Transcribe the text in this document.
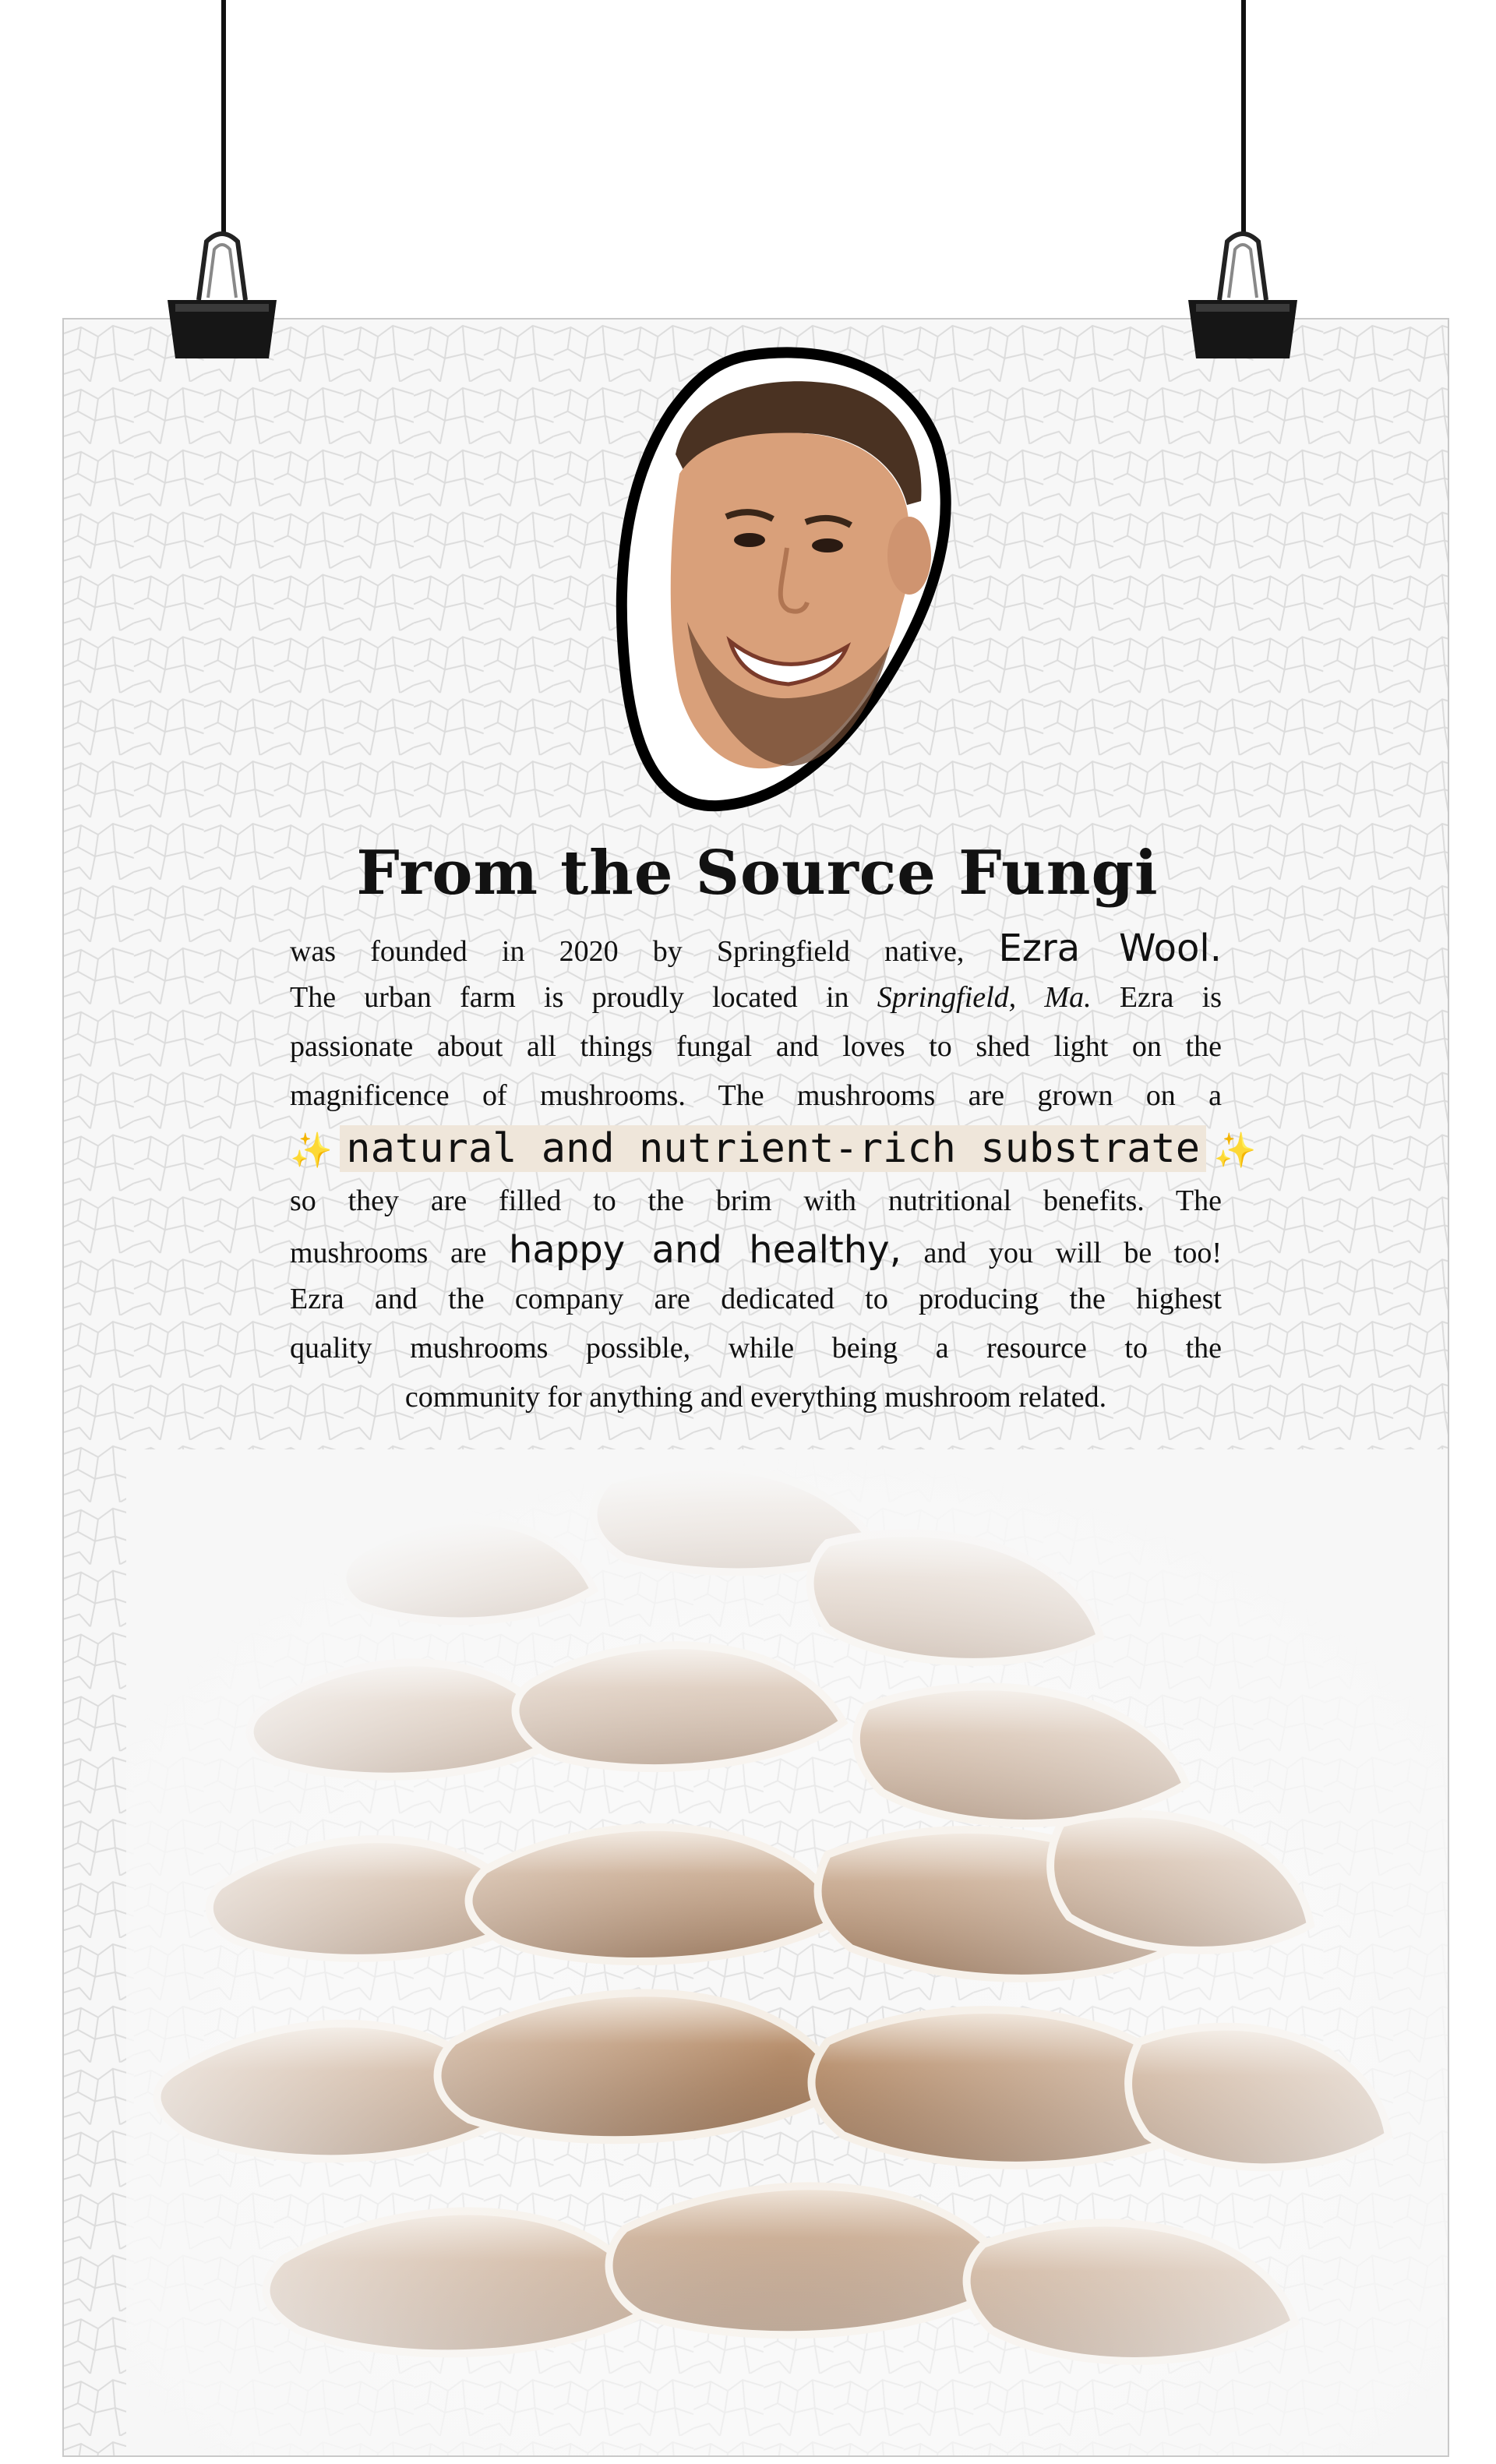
From the Source Fungi
was founded in 2020 by Springfield native, Ezra Wool.
The urban farm is proudly located in Springfield, Ma. Ezra is
passionate about all things fungal and loves to shed light on the
magnificence of mushrooms. The mushrooms are grown on a
✨ natural and nutrient-rich substrate ✨
so they are filled to the brim with nutritional benefits. The
mushrooms are happy and healthy, and you will be too!
Ezra and the company are dedicated to producing the highest
quality mushrooms possible, while being a resource to the
community for anything and everything mushroom related.
